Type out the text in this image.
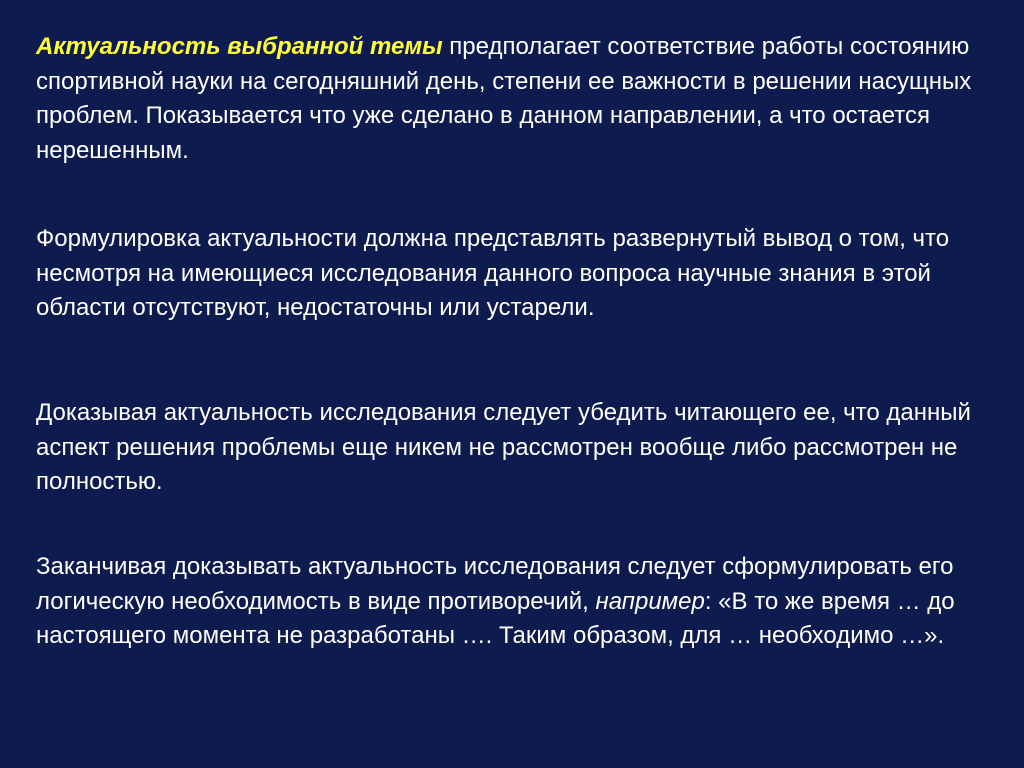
Актуальность выбранной темы предполагает соответствие работы состоянию спортивной науки на сегодняшний день, степени ее важности в решении насущных проблем. Показывается что уже сделано в данном направлении, а что остается нерешенным.

Формулировка актуальности должна представлять развернутый вывод о том, что несмотря на имеющиеся исследования данного вопроса научные знания в этой области отсутствуют, недостаточны или устарели.

Доказывая актуальность исследования следует убедить читающего ее, что данный аспект решения проблемы еще никем не рассмотрен вообще либо рассмотрен не полностью.

Заканчивая доказывать актуальность исследования следует сформулировать его логическую необходимость в виде противоречий, например: «В то же время … до настоящего момента не разработаны …. Таким образом, для … необходимо …».
